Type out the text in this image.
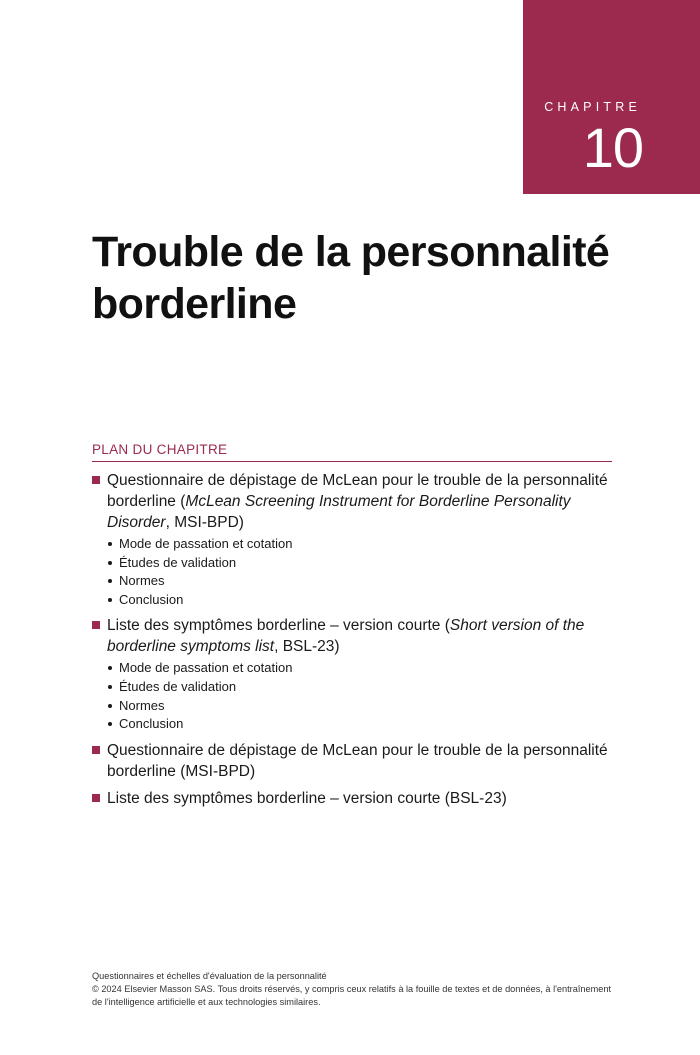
CHAPITRE
10
Trouble de la personnalité borderline
PLAN DU CHAPITRE
Questionnaire de dépistage de McLean pour le trouble de la personnalité borderline (McLean Screening Instrument for Borderline Personality Disorder, MSI-BPD)
Mode de passation et cotation
Études de validation
Normes
Conclusion
Liste des symptômes borderline – version courte (Short version of the borderline symptoms list, BSL-23)
Mode de passation et cotation
Études de validation
Normes
Conclusion
Questionnaire de dépistage de McLean pour le trouble de la personnalité borderline (MSI-BPD)
Liste des symptômes borderline – version courte (BSL-23)
Questionnaires et échelles d'évaluation de la personnalité
© 2024 Elsevier Masson SAS. Tous droits réservés, y compris ceux relatifs à la fouille de textes et de données, à l'entraînement de l'intelligence artificielle et aux technologies similaires.
